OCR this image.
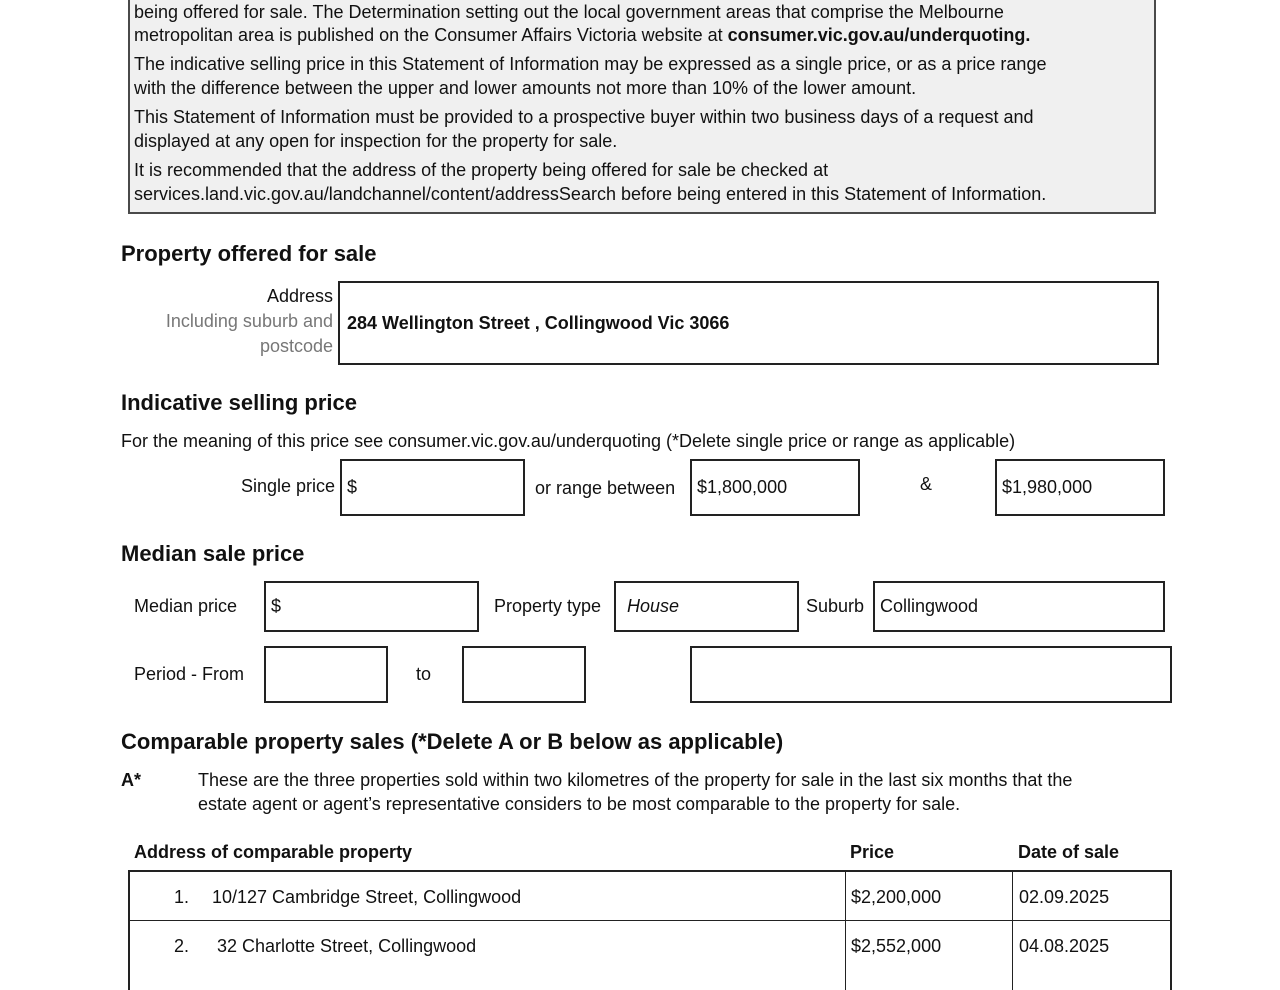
being offered for sale. The Determination setting out the local government areas that comprise the Melbourne
metropolitan area is published on the Consumer Affairs Victoria website at consumer.vic.gov.au/underquoting.
The indicative selling price in this Statement of Information may be expressed as a single price, or as a price range
with the difference between the upper and lower amounts not more than 10% of the lower amount.
This Statement of Information must be provided to a prospective buyer within two business days of a request and
displayed at any open for inspection for the property for sale.
It is recommended that the address of the property being offered for sale be checked at
services.land.vic.gov.au/landchannel/content/addressSearch before being entered in this Statement of Information.
Property offered for sale
Address
Including suburb and
postcode
284 Wellington Street , Collingwood Vic 3066
Indicative selling price
For the meaning of this price see consumer.vic.gov.au/underquoting (*Delete single price or range as applicable)
Single price $	or range between	$1,800,000	&	$1,980,000
Median sale price
Median price	$	Property type	House	Suburb Collingwood
Period - From	to
Comparable property sales (*Delete A or B below as applicable)
A*	These are the three properties sold within two kilometres of the property for sale in the last six months that the
estate agent or agent’s representative considers to be most comparable to the property for sale.
Address of comparable property	Price	Date of sale
1. 10/127 Cambridge Street, Collingwood	$2,200,000	02.09.2025
2. 32 Charlotte Street, Collingwood	$2,552,000	04.08.2025
